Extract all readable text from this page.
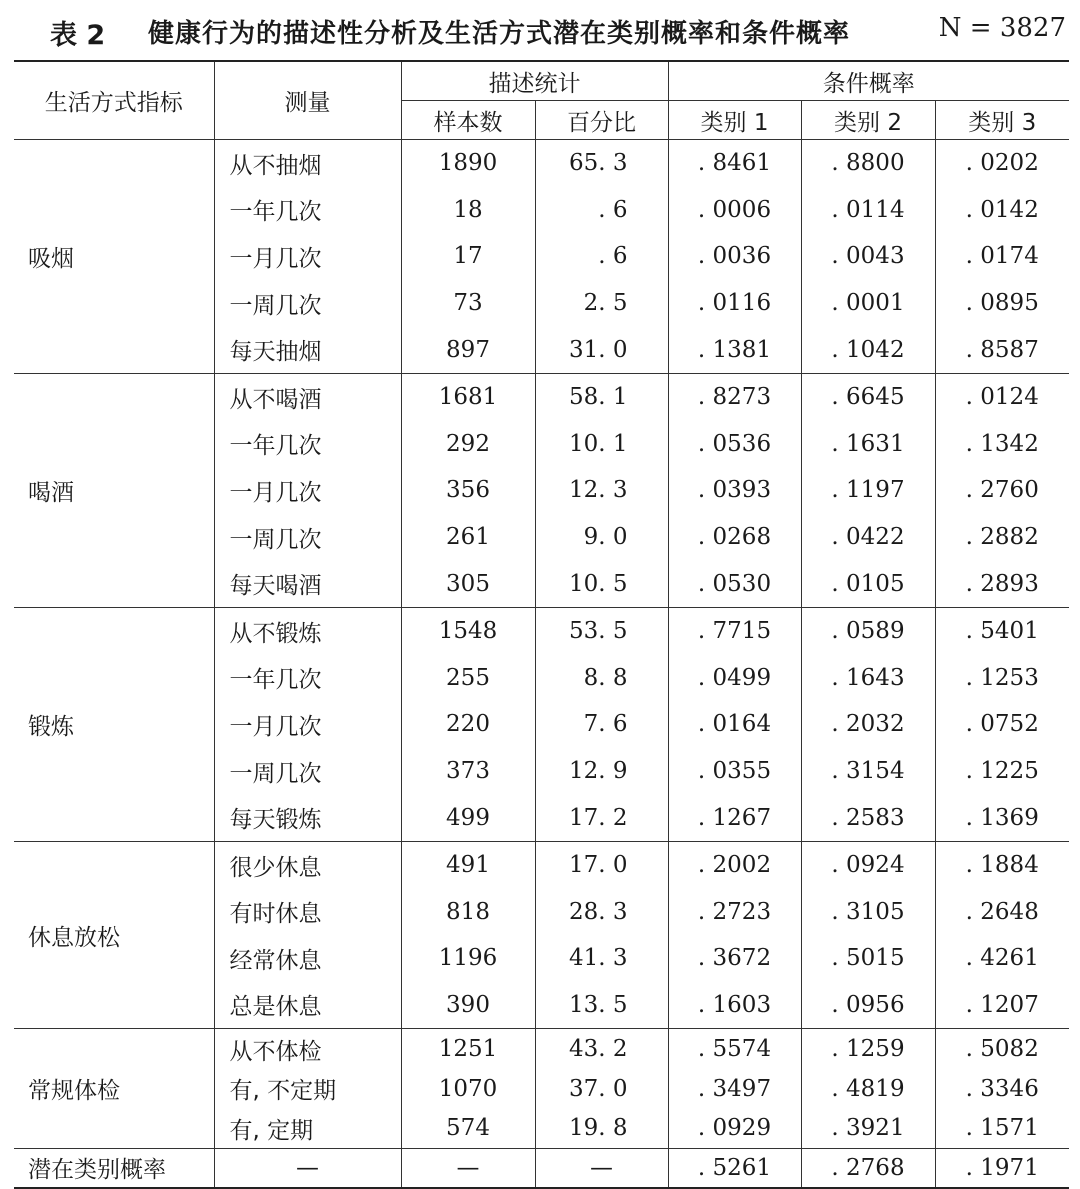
表 2 健康行为的描述性分析及生活方式潜在类别概率和条件概率	N = 3827
生活方式指标	测量	描述统计		条件概率		
		样本数	百分比	类别 1	类别 2	类别 3
吸烟	从不抽烟	1890	65. 3	. 8461	. 8800	. 0202
	一年几次	18	. 6	. 0006	. 0114	. 0142
	一月几次	17	. 6	. 0036	. 0043	. 0174
	一周几次	73	2. 5	. 0116	. 0001	. 0895
	每天抽烟	897	31. 0	. 1381	. 1042	. 8587
喝酒	从不喝酒	1681	58. 1	. 8273	. 6645	. 0124
	一年几次	292	10. 1	. 0536	. 1631	. 1342
	一月几次	356	12. 3	. 0393	. 1197	. 2760
	一周几次	261	9. 0	. 0268	. 0422	. 2882
	每天喝酒	305	10. 5	. 0530	. 0105	. 2893
锻炼	从不锻炼	1548	53. 5	. 7715	. 0589	. 5401
	一年几次	255	8. 8	. 0499	. 1643	. 1253
	一月几次	220	7. 6	. 0164	. 2032	. 0752
	一周几次	373	12. 9	. 0355	. 3154	. 1225
	每天锻炼	499	17. 2	. 1267	. 2583	. 1369
休息放松	很少休息	491	17. 0	. 2002	. 0924	. 1884
	有时休息	818	28. 3	. 2723	. 3105	. 2648
	经常休息	1196	41. 3	. 3672	. 5015	. 4261
	总是休息	390	13. 5	. 1603	. 0956	. 1207
常规体检	从不体检	1251	43. 2	. 5574	. 1259	. 5082
	有, 不定期	1070	37. 0	. 3497	. 4819	. 3346
	有, 定期	574	19. 8	. 0929	. 3921	. 1571
潜在类别概率	—	—	—	. 5261	. 2768	. 1971
